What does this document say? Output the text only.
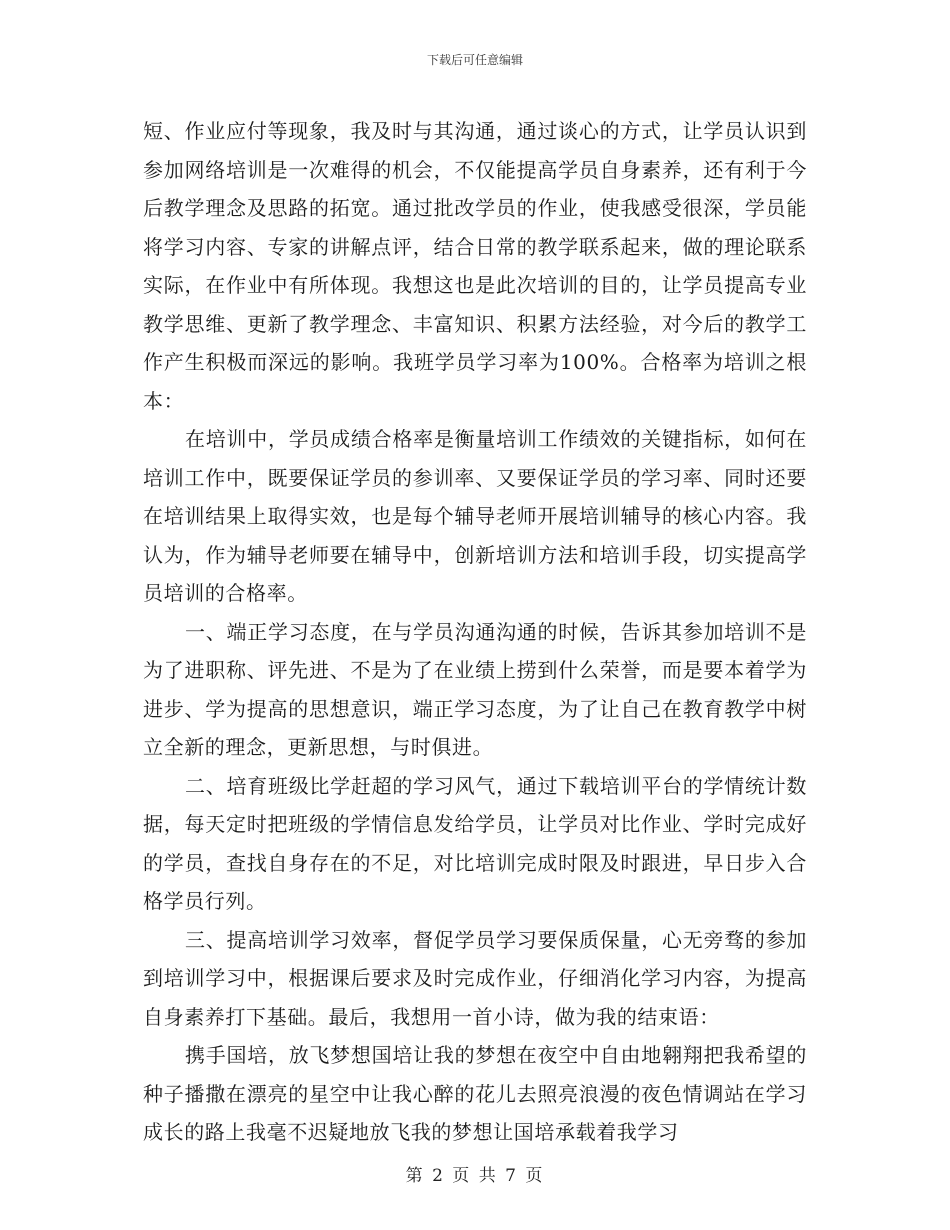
下载后可任意编辑

短、作业应付等现象，我及时与其沟通，通过谈心的方式，让学员认识到参加网络培训是一次难得的机会，不仅能提高学员自身素养，还有利于今后教学理念及思路的拓宽。通过批改学员的作业，使我感受很深，学员能将学习内容、专家的讲解点评，结合日常的教学联系起来，做的理论联系实际，在作业中有所体现。我想这也是此次培训的目的，让学员提高专业教学思维、更新了教学理念、丰富知识、积累方法经验，对今后的教学工作产生积极而深远的影响。我班学员学习率为100%。合格率为培训之根本：

在培训中，学员成绩合格率是衡量培训工作绩效的关键指标，如何在培训工作中，既要保证学员的参训率、又要保证学员的学习率、同时还要在培训结果上取得实效，也是每个辅导老师开展培训辅导的核心内容。我认为，作为辅导老师要在辅导中，创新培训方法和培训手段，切实提高学员培训的合格率。

一、端正学习态度，在与学员沟通沟通的时候，告诉其参加培训不是为了进职称、评先进、不是为了在业绩上捞到什么荣誉，而是要本着学为进步、学为提高的思想意识，端正学习态度，为了让自己在教育教学中树立全新的理念，更新思想，与时俱进。

二、培育班级比学赶超的学习风气，通过下载培训平台的学情统计数据，每天定时把班级的学情信息发给学员，让学员对比作业、学时完成好的学员，查找自身存在的不足，对比培训完成时限及时跟进，早日步入合格学员行列。

三、提高培训学习效率，督促学员学习要保质保量，心无旁骛的参加到培训学习中，根据课后要求及时完成作业，仔细消化学习内容，为提高自身素养打下基础。最后，我想用一首小诗，做为我的结束语：

携手国培，放飞梦想国培让我的梦想在夜空中自由地翱翔把我希望的种子播撒在漂亮的星空中让我心醉的花儿去照亮浪漫的夜色情调站在学习成长的路上我毫不迟疑地放飞我的梦想让国培承载着我学习

第 2 页 共 7 页
